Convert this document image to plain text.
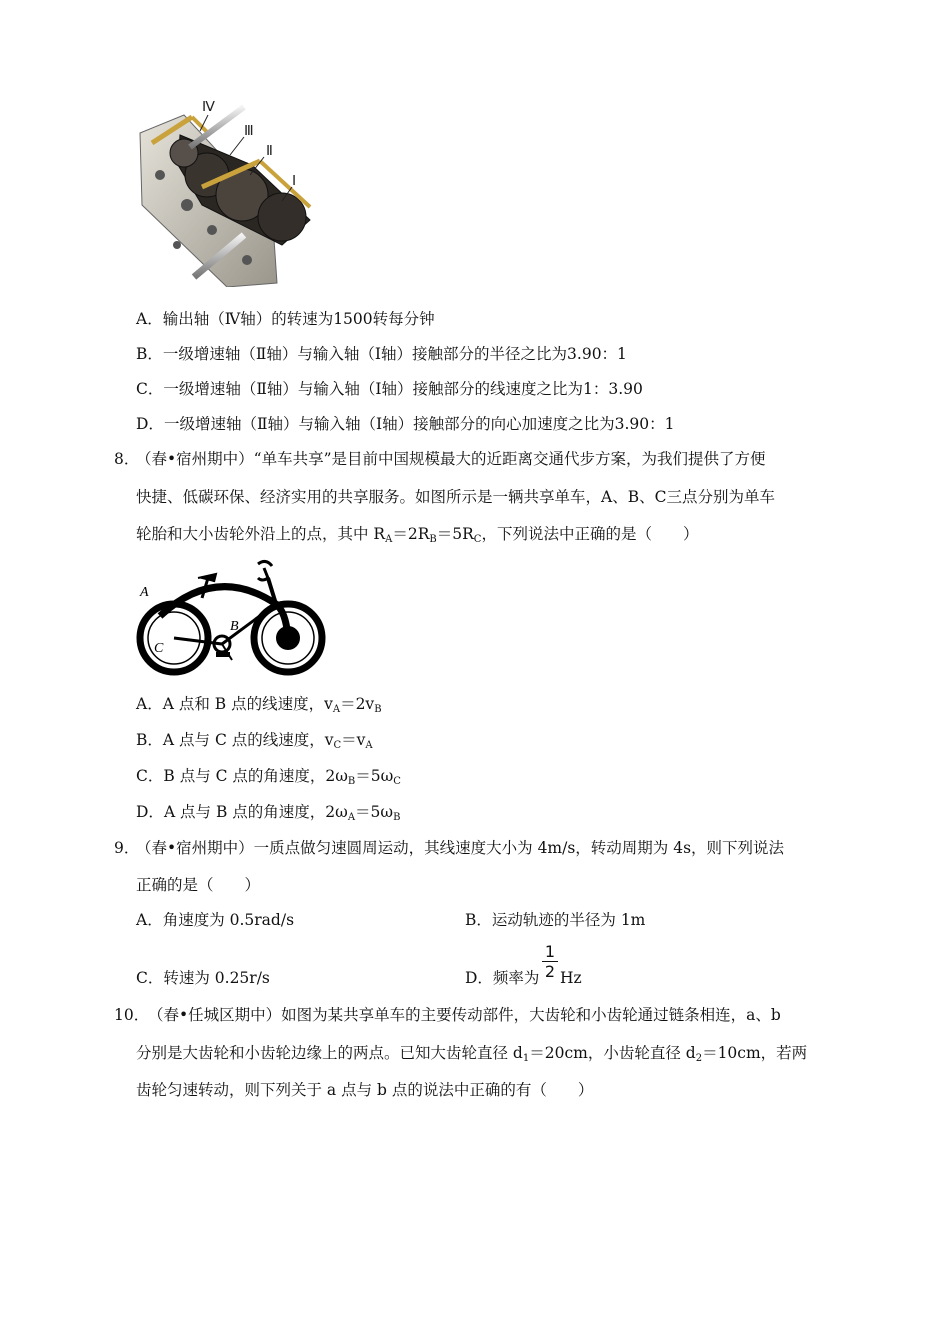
Ⅳ
Ⅲ
Ⅱ
Ⅰ
A．输出轴（Ⅳ轴）的转速为1500转每分钟
B．一级增速轴（Ⅱ轴）与输入轴（Ⅰ轴）接触部分的半径之比为3.90：1
C．一级增速轴（Ⅱ轴）与输入轴（Ⅰ轴）接触部分的线速度之比为1：3.90
D．一级增速轴（Ⅱ轴）与输入轴（Ⅰ轴）接触部分的向心加速度之比为3.90：1
8．
（春•宿州期中）“单车共享”是目前中国规模最大的近距离交通代步方案，为我们提供了方便
快捷、低碳环保、经济实用的共享服务。如图所示是一辆共享单车，A、B、C三点分别为单车
轮胎和大小齿轮外沿上的点，其中 $R_A=2R_B=5R_C$，下列说法中正确的是（　　）
A
B
C
A．A 点和 B 点的线速度，$v_A=2v_B$
B．A 点与 C 点的线速度，$v_C=v_A$
C．B 点与 C 点的角速度，$2\omega_B=5\omega_C$
D．A 点与 B 点的角速度，$2\omega_A=5\omega_B$
9．
（春•宿州期中）一质点做匀速圆周运动，其线速度大小为 4m/s，转动周期为 4s，则下列说法
正确的是（　　）
A．角速度为 0.5rad/s	B．运动轨迹的半径为 1m
C．转速为 0.25r/s	D．频率为
1
2 Hz
10．
（春•任城区期中）如图为某共享单车的主要传动部件，大齿轮和小齿轮通过链条相连，a、b
分别是大齿轮和小齿轮边缘上的两点。已知大齿轮直径 $d_1=20cm$，小齿轮直径 $d_2=10cm$，若两
齿轮匀速转动，则下列关于 a 点与 b 点的说法中正确的有（　　）
